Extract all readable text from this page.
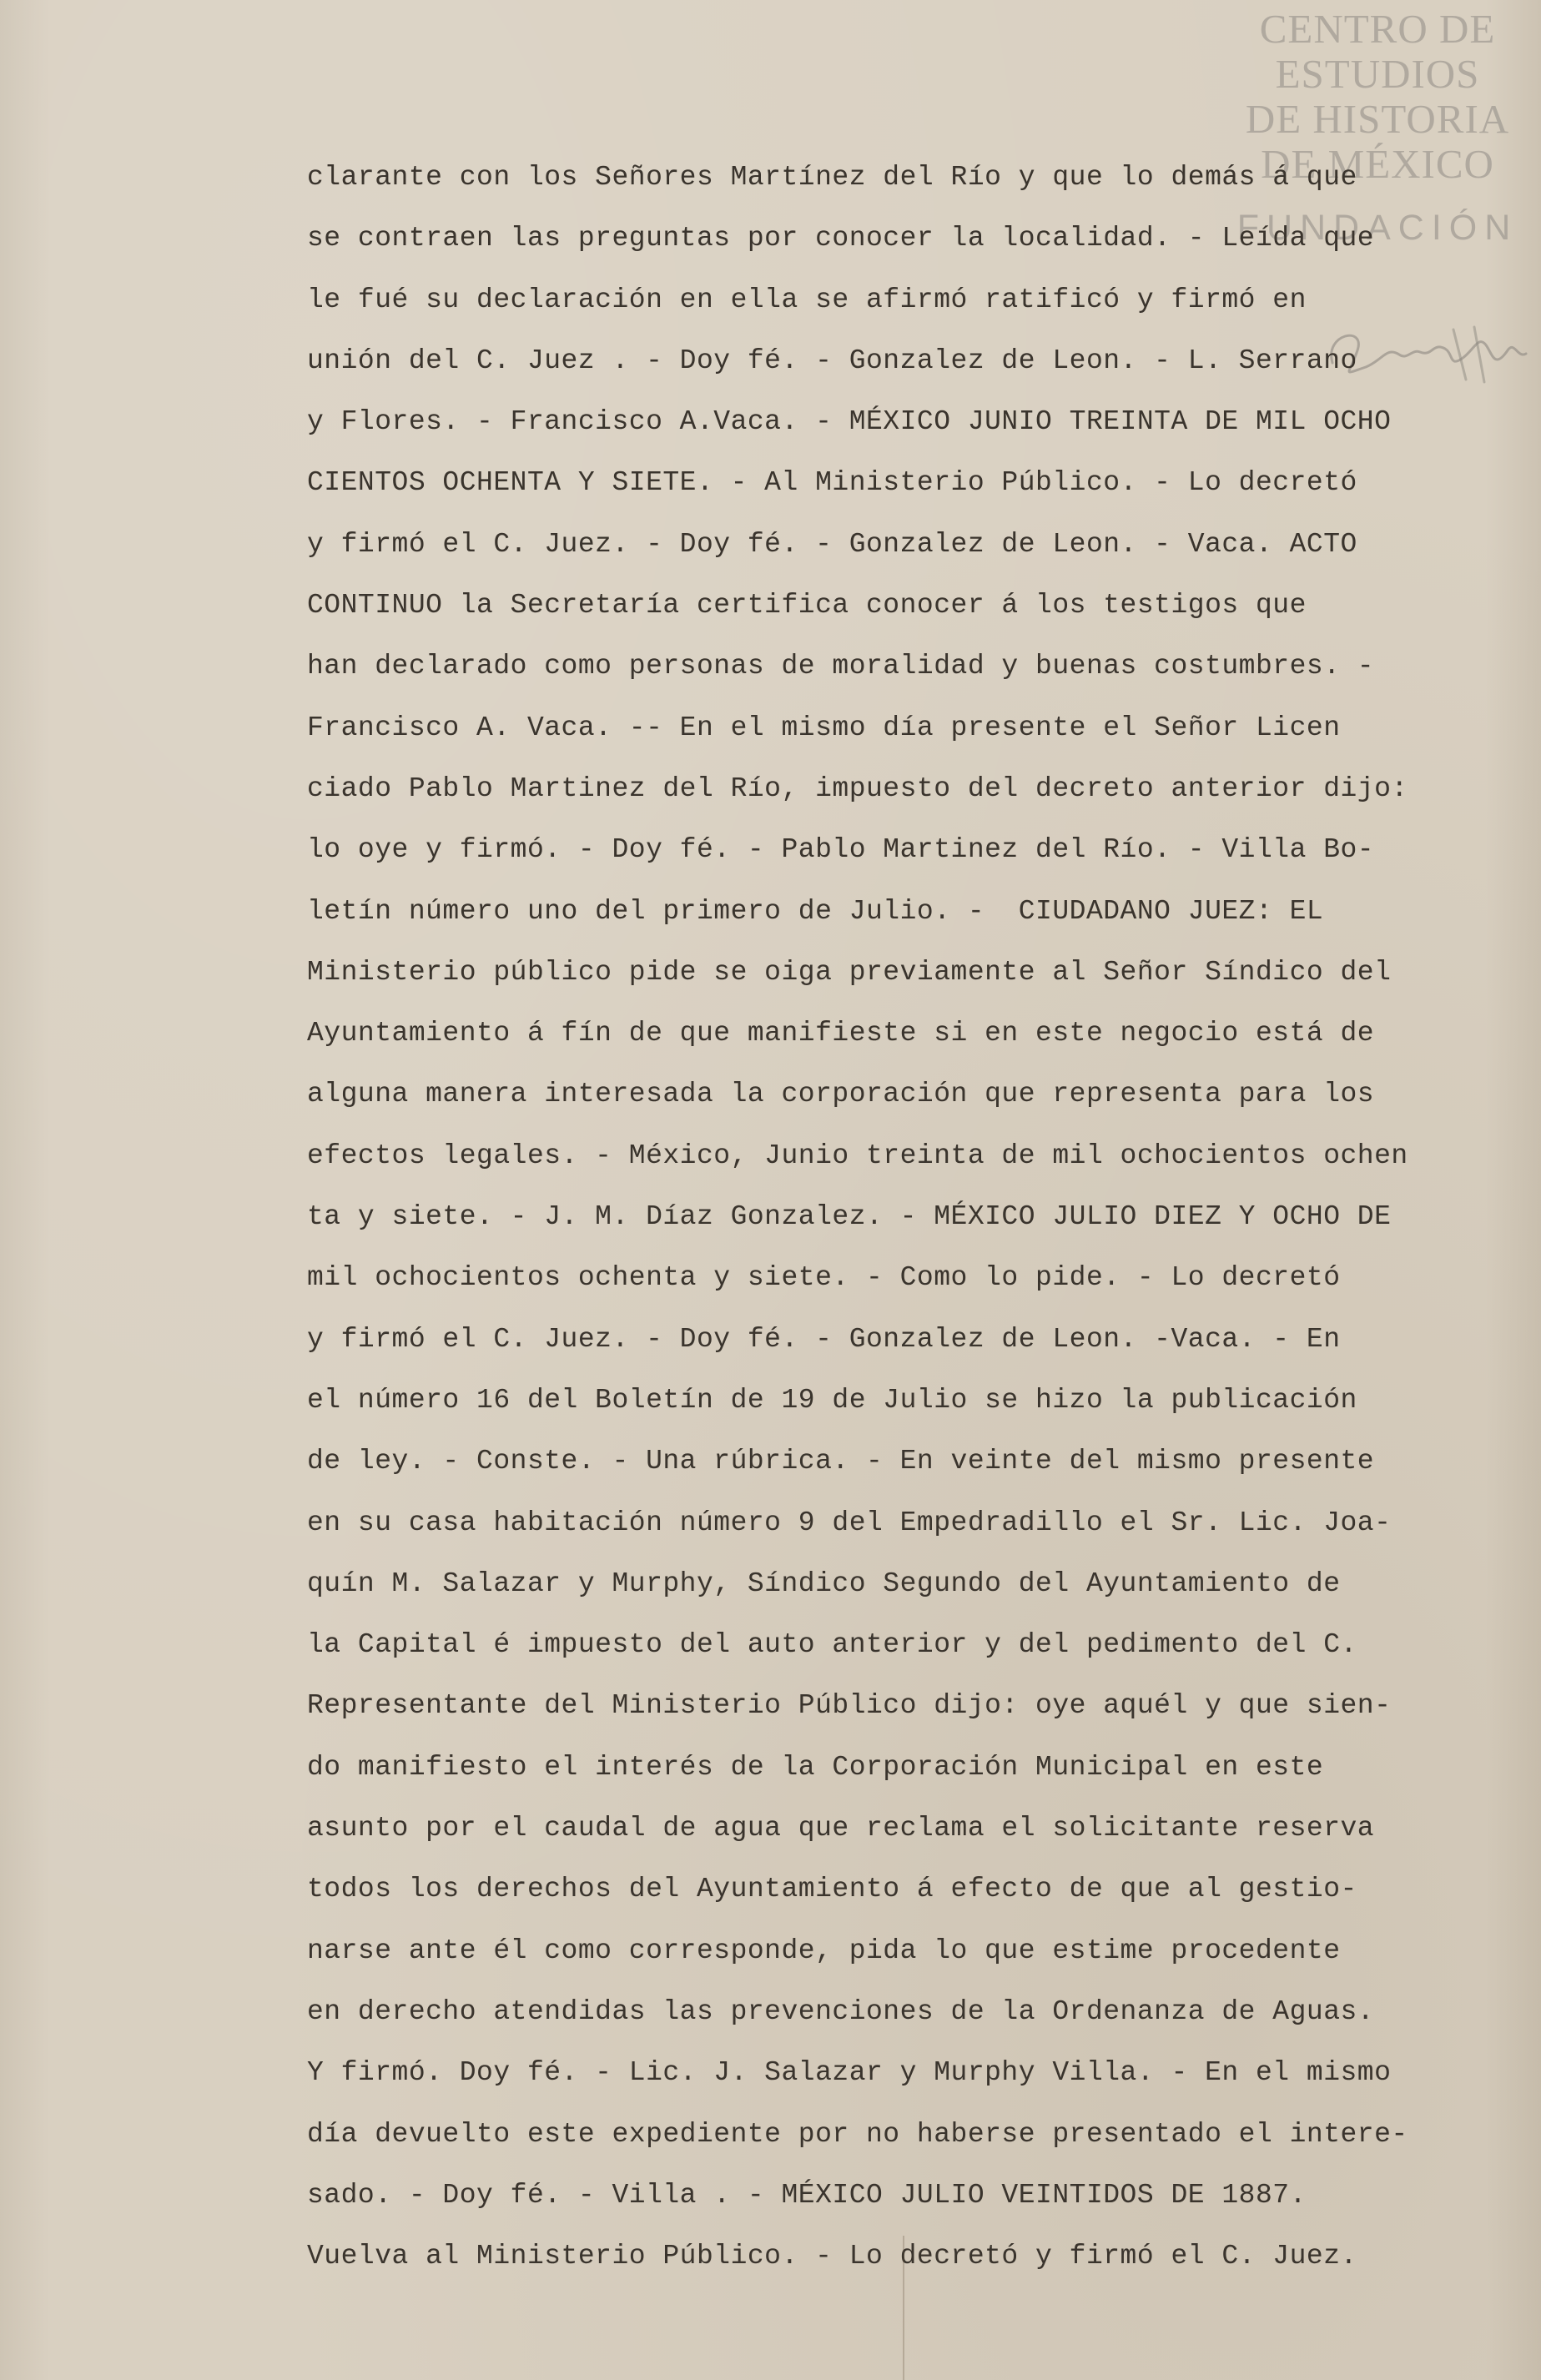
CENTRO DE
ESTUDIOS
DE HISTORIA
DE MÉXICO
FUNDACIÓN
clarante con los Señores Martínez del Río y que lo demás á que
se contraen las preguntas por conocer la localidad. - Leída que
le fué su declaración en ella se afirmó ratificó y firmó en
unión del C. Juez . - Doy fé. - Gonzalez de Leon. - L. Serrano
y Flores. - Francisco A.Vaca. - MÉXICO JUNIO TREINTA DE MIL OCHO
CIENTOS OCHENTA Y SIETE. - Al Ministerio Público. - Lo decretó
y firmó el C. Juez. - Doy fé. - Gonzalez de Leon. - Vaca. ACTO
CONTINUO la Secretaría certifica conocer á los testigos que
han declarado como personas de moralidad y buenas costumbres. -
Francisco A. Vaca. -- En el mismo día presente el Señor Licen
ciado Pablo Martinez del Río, impuesto del decreto anterior dijo:
lo oye y firmó. - Doy fé. - Pablo Martinez del Río. - Villa Bo-
letín número uno del primero de Julio. -  CIUDADANO JUEZ: EL
Ministerio público pide se oiga previamente al Señor Síndico del
Ayuntamiento á fín de que manifieste si en este negocio está de
alguna manera interesada la corporación que representa para los
efectos legales. - México, Junio treinta de mil ochocientos ochen
ta y siete. - J. M. Díaz Gonzalez. - MÉXICO JULIO DIEZ Y OCHO DE
mil ochocientos ochenta y siete. - Como lo pide. - Lo decretó
y firmó el C. Juez. - Doy fé. - Gonzalez de Leon. -Vaca. - En
el número 16 del Boletín de 19 de Julio se hizo la publicación
de ley. - Conste. - Una rúbrica. - En veinte del mismo presente
en su casa habitación número 9 del Empedradillo el Sr. Lic. Joa-
quín M. Salazar y Murphy, Síndico Segundo del Ayuntamiento de
la Capital é impuesto del auto anterior y del pedimento del C.
Representante del Ministerio Público dijo: oye aquél y que sien-
do manifiesto el interés de la Corporación Municipal en este
asunto por el caudal de agua que reclama el solicitante reserva
todos los derechos del Ayuntamiento á efecto de que al gestio-
narse ante él como corresponde, pida lo que estime procedente
en derecho atendidas las prevenciones de la Ordenanza de Aguas.
Y firmó. Doy fé. - Lic. J. Salazar y Murphy Villa. - En el mismo
día devuelto este expediente por no haberse presentado el intere-
sado. - Doy fé. - Villa . - MÉXICO JULIO VEINTIDOS DE 1887.
Vuelva al Ministerio Público. - Lo decretó y firmó el C. Juez.
